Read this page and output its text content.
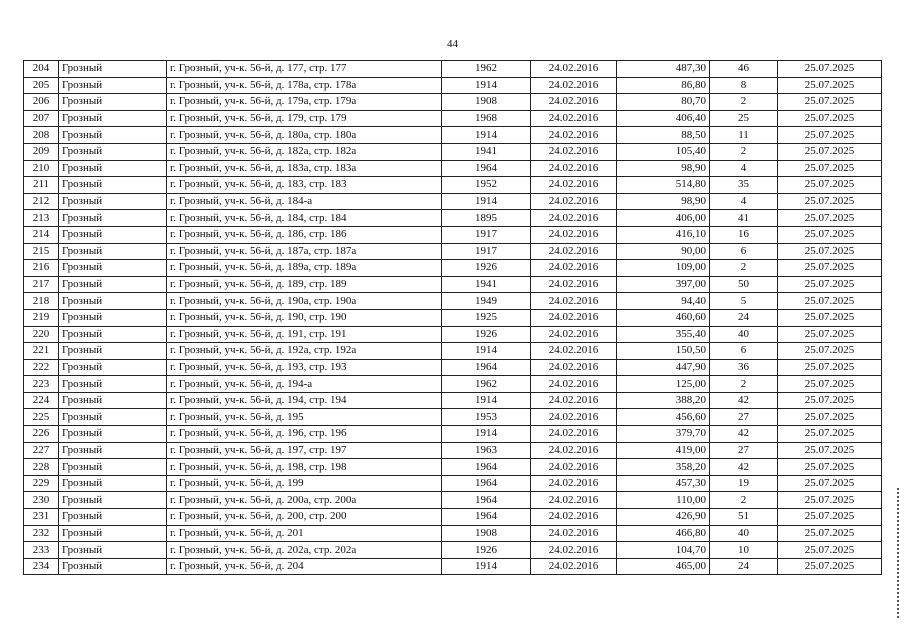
44
204	Грозный	г. Грозный, уч-к. 56-й, д. 177, стр. 177	1962	24.02.2016	487,30	46	25.07.2025
205	Грозный	г. Грозный, уч-к. 56-й, д. 178а, стр. 178а	1914	24.02.2016	86,80	8	25.07.2025
206	Грозный	г. Грозный, уч-к. 56-й, д. 179а, стр. 179а	1908	24.02.2016	80,70	2	25.07.2025
207	Грозный	г. Грозный, уч-к. 56-й, д. 179, стр. 179	1968	24.02.2016	406,40	25	25.07.2025
208	Грозный	г. Грозный, уч-к. 56-й, д. 180а, стр. 180а	1914	24.02.2016	88,50	11	25.07.2025
209	Грозный	г. Грозный, уч-к. 56-й, д. 182а, стр. 182а	1941	24.02.2016	105,40	2	25.07.2025
210	Грозный	г. Грозный, уч-к. 56-й, д. 183а, стр. 183а	1964	24.02.2016	98,90	4	25.07.2025
211	Грозный	г. Грозный, уч-к. 56-й, д. 183, стр. 183	1952	24.02.2016	514,80	35	25.07.2025
212	Грозный	г. Грозный, уч-к. 56-й, д. 184-а	1914	24.02.2016	98,90	4	25.07.2025
213	Грозный	г. Грозный, уч-к. 56-й, д. 184, стр. 184	1895	24.02.2016	406,00	41	25.07.2025
214	Грозный	г. Грозный, уч-к. 56-й, д. 186, стр. 186	1917	24.02.2016	416,10	16	25.07.2025
215	Грозный	г. Грозный, уч-к. 56-й, д. 187а, стр. 187а	1917	24.02.2016	90,00	6	25.07.2025
216	Грозный	г. Грозный, уч-к. 56-й, д. 189а, стр. 189а	1926	24.02.2016	109,00	2	25.07.2025
217	Грозный	г. Грозный, уч-к. 56-й, д. 189, стр. 189	1941	24.02.2016	397,00	50	25.07.2025
218	Грозный	г. Грозный, уч-к. 56-й, д. 190а, стр. 190а	1949	24.02.2016	94,40	5	25.07.2025
219	Грозный	г. Грозный, уч-к. 56-й, д. 190, стр. 190	1925	24.02.2016	460,60	24	25.07.2025
220	Грозный	г. Грозный, уч-к. 56-й, д. 191, стр. 191	1926	24.02.2016	355,40	40	25.07.2025
221	Грозный	г. Грозный, уч-к. 56-й, д. 192а, стр. 192а	1914	24.02.2016	150,50	6	25.07.2025
222	Грозный	г. Грозный, уч-к. 56-й, д. 193, стр. 193	1964	24.02.2016	447,90	36	25.07.2025
223	Грозный	г. Грозный, уч-к. 56-й, д. 194-а	1962	24.02.2016	125,00	2	25.07.2025
224	Грозный	г. Грозный, уч-к. 56-й, д. 194, стр. 194	1914	24.02.2016	388,20	42	25.07.2025
225	Грозный	г. Грозный, уч-к. 56-й, д. 195	1953	24.02.2016	456,60	27	25.07.2025
226	Грозный	г. Грозный, уч-к. 56-й, д. 196, стр. 196	1914	24.02.2016	379,70	42	25.07.2025
227	Грозный	г. Грозный, уч-к. 56-й, д. 197, стр. 197	1963	24.02.2016	419,00	27	25.07.2025
228	Грозный	г. Грозный, уч-к. 56-й, д. 198, стр. 198	1964	24.02.2016	358,20	42	25.07.2025
229	Грозный	г. Грозный, уч-к. 56-й, д. 199	1964	24.02.2016	457,30	19	25.07.2025
230	Грозный	г. Грозный, уч-к. 56-й, д. 200а, стр. 200а	1964	24.02.2016	110,00	2	25.07.2025
231	Грозный	г. Грозный, уч-к. 56-й, д. 200, стр. 200	1964	24.02.2016	426,90	51	25.07.2025
232	Грозный	г. Грозный, уч-к. 56-й, д. 201	1908	24.02.2016	466,80	40	25.07.2025
233	Грозный	г. Грозный, уч-к. 56-й, д. 202а, стр. 202а	1926	24.02.2016	104,70	10	25.07.2025
234	Грозный	г. Грозный, уч-к. 56-й, д. 204	1914	24.02.2016	465,00	24	25.07.2025
